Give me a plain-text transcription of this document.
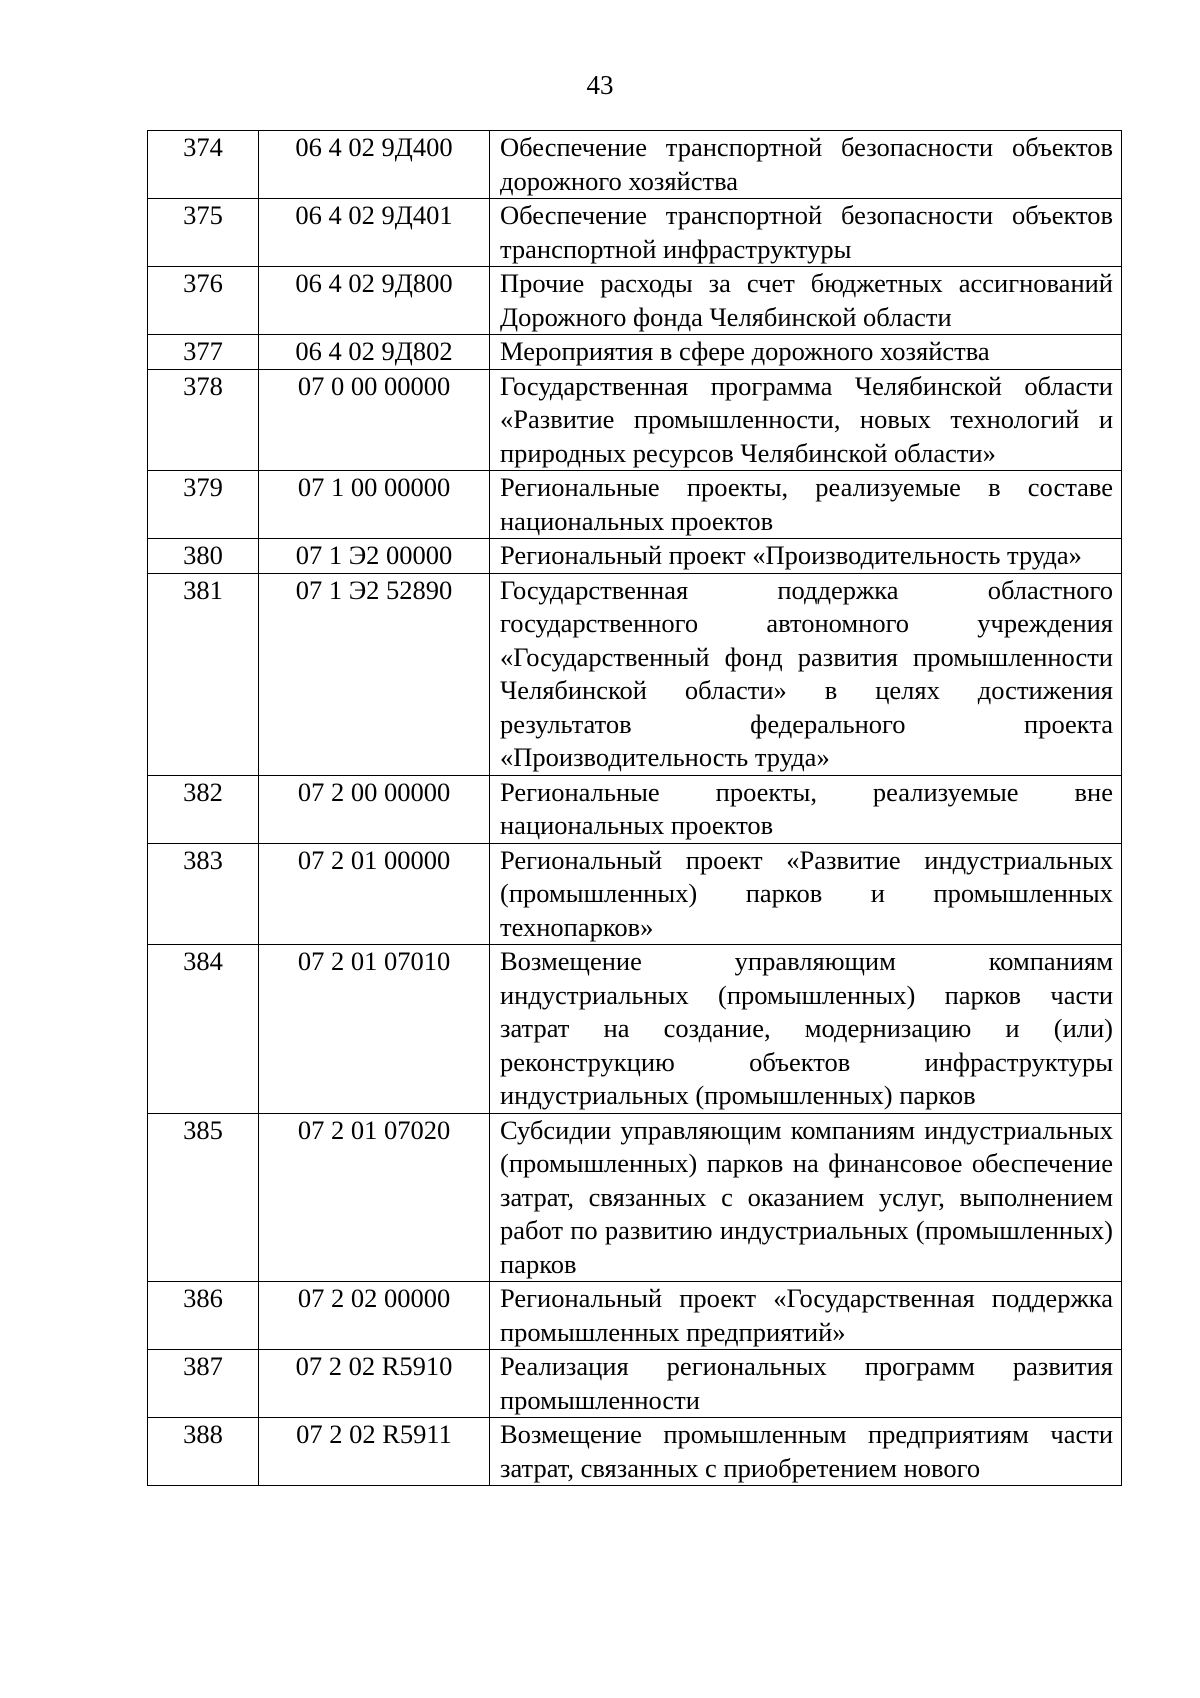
43
374	06 4 02 9Д400	Обеспечение транспортной безопасности объектов дорожного хозяйства
375	06 4 02 9Д401	Обеспечение транспортной безопасности объектов транспортной инфраструктуры
376	06 4 02 9Д800	Прочие расходы за счет бюджетных ассигнований Дорожного фонда Челябинской области
377	06 4 02 9Д802	Мероприятия в сфере дорожного хозяйства
378	07 0 00 00000	Государственная программа Челябинской области «Развитие промышленности, новых технологий и природных ресурсов Челябинской области»
379	07 1 00 00000	Региональные проекты, реализуемые в составе национальных проектов
380	07 1 Э2 00000	Региональный проект «Производительность труда»
381	07 1 Э2 52890	Государственная поддержка областного государственного автономного учреждения «Государственный фонд развития промышленности Челябинской области» в целях достижения результатов федерального проекта «Производительность труда»
382	07 2 00 00000	Региональные проекты, реализуемые вне национальных проектов
383	07 2 01 00000	Региональный проект «Развитие индустриальных (промышленных) парков и промышленных технопарков»
384	07 2 01 07010	Возмещение управляющим компаниям индустриальных (промышленных) парков части затрат на создание, модернизацию и (или) реконструкцию объектов инфраструктуры индустриальных (промышленных) парков
385	07 2 01 07020	Субсидии управляющим компаниям индустриальных (промышленных) парков на финансовое обеспечение затрат, связанных с оказанием услуг, выполнением работ по развитию индустриальных (промышленных) парков
386	07 2 02 00000	Региональный проект «Государственная поддержка промышленных предприятий»
387	07 2 02 R5910	Реализация региональных программ развития промышленности
388	07 2 02 R5911	Возмещение промышленным предприятиям части затрат, связанных с приобретением нового
